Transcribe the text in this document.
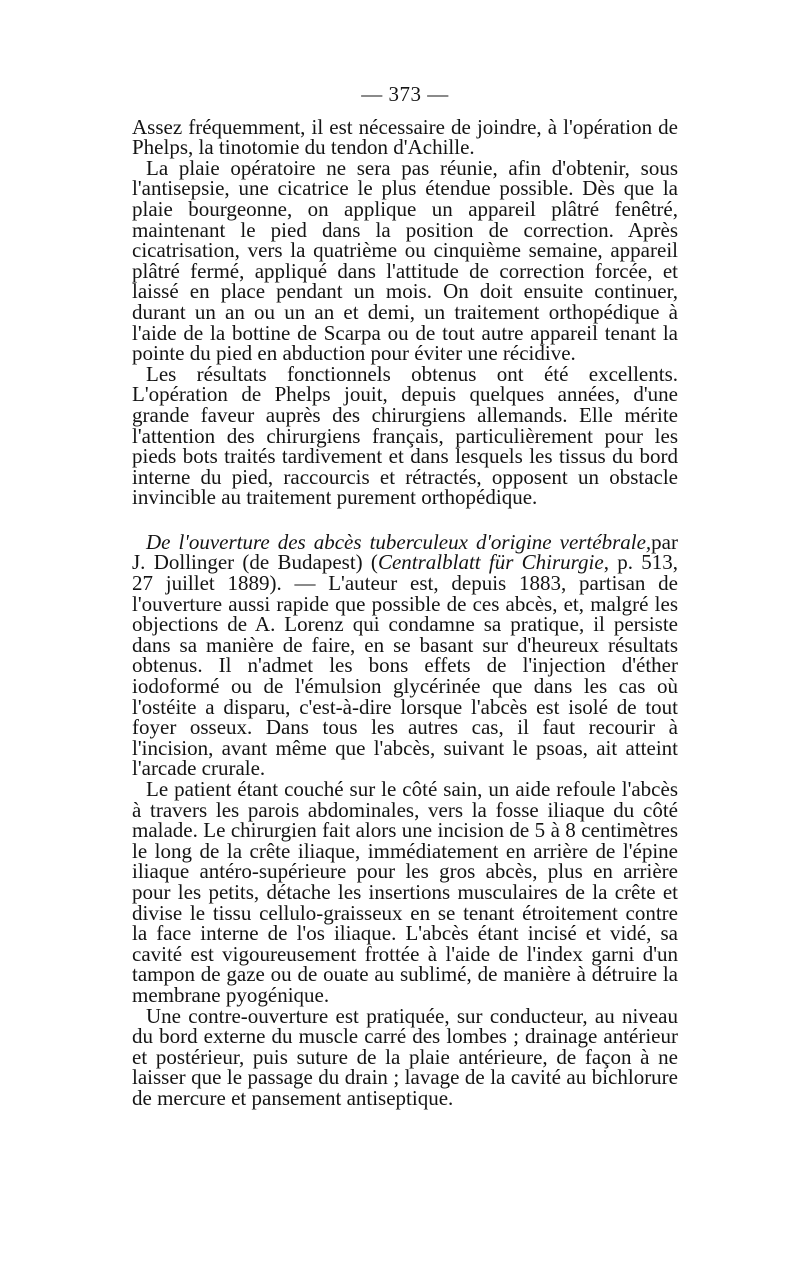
— 373 —

Assez fréquemment, il est nécessaire de joindre, à l'opération de Phelps, la tinotomie du tendon d'Achille.

La plaie opératoire ne sera pas réunie, afin d'obtenir, sous l'antisepsie, une cicatrice le plus étendue possible. Dès que la plaie bourgeonne, on applique un appareil plâtré fenêtré, maintenant le pied dans la position de correction. Après cicatrisation, vers la quatrième ou cinquième semaine, appareil plâtré fermé, appliqué dans l'attitude de correction forcée, et laissé en place pendant un mois. On doit ensuite continuer, durant un an ou un an et demi, un traitement orthopédique à l'aide de la bottine de Scarpa ou de tout autre appareil tenant la pointe du pied en abduction pour éviter une récidive.

Les résultats fonctionnels obtenus ont été excellents. L'opération de Phelps jouit, depuis quelques années, d'une grande faveur auprès des chirurgiens allemands. Elle mérite l'attention des chirurgiens français, particulièrement pour les pieds bots traités tardivement et dans lesquels les tissus du bord interne du pied, raccourcis et rétractés, opposent un obstacle invincible au traitement purement orthopédique.

De l'ouverture des abcès tuberculeux d'origine vertébrale,par J. Dollinger (de Budapest) (Centralblatt für Chirurgie, p. 513, 27 juillet 1889). — L'auteur est, depuis 1883, partisan de l'ouverture aussi rapide que possible de ces abcès, et, malgré les objections de A. Lorenz qui condamne sa pratique, il persiste dans sa manière de faire, en se basant sur d'heureux résultats obtenus. Il n'admet les bons effets de l'injection d'éther iodoformé ou de l'émulsion glycérinée que dans les cas où l'ostéite a disparu, c'est-à-dire lorsque l'abcès est isolé de tout foyer osseux. Dans tous les autres cas, il faut recourir à l'incision, avant même que l'abcès, suivant le psoas, ait atteint l'arcade crurale.

Le patient étant couché sur le côté sain, un aide refoule l'abcès à travers les parois abdominales, vers la fosse iliaque du côté malade. Le chirurgien fait alors une incision de 5 à 8 centimètres le long de la crête iliaque, immédiatement en arrière de l'épine iliaque antéro-supérieure pour les gros abcès, plus en arrière pour les petits, détache les insertions musculaires de la crête et divise le tissu cellulo-graisseux en se tenant étroitement contre la face interne de l'os iliaque. L'abcès étant incisé et vidé, sa cavité est vigoureusement frottée à l'aide de l'index garni d'un tampon de gaze ou de ouate au sublimé, de manière à détruire la membrane pyogénique.

Une contre-ouverture est pratiquée, sur conducteur, au niveau du bord externe du muscle carré des lombes ; drainage antérieur et postérieur, puis suture de la plaie antérieure, de façon à ne laisser que le passage du drain ; lavage de la cavité au bichlorure de mercure et pansement antiseptique.
